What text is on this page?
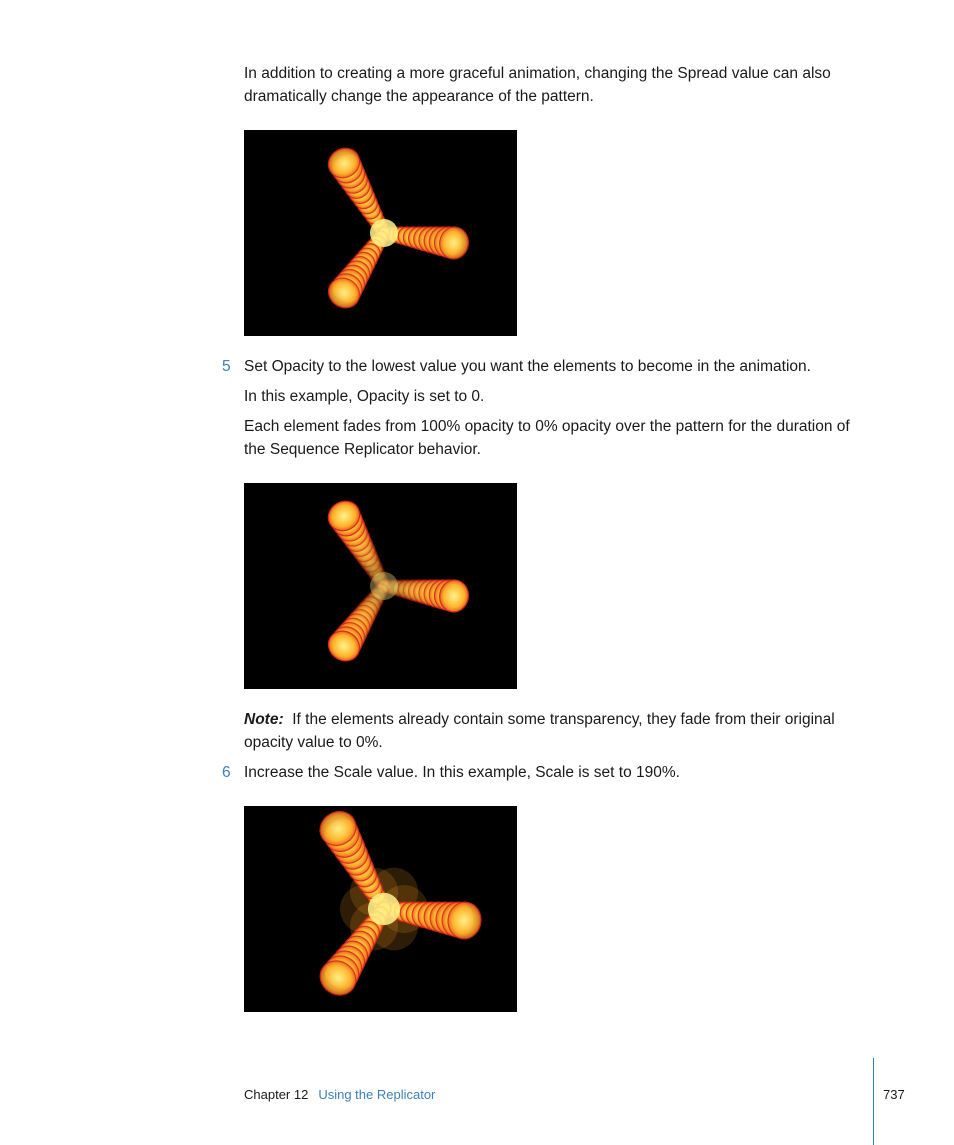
In addition to creating a more graceful animation, changing the Spread value can also dramatically change the appearance of the pattern.

5 Set Opacity to the lowest value you want the elements to become in the animation.

In this example, Opacity is set to 0.

Each element fades from 100% opacity to 0% opacity over the pattern for the duration of the Sequence Replicator behavior.

Note: If the elements already contain some transparency, they fade from their original opacity value to 0%.

6 Increase the Scale value. In this example, Scale is set to 190%.

Chapter 12 Using the Replicator	737
